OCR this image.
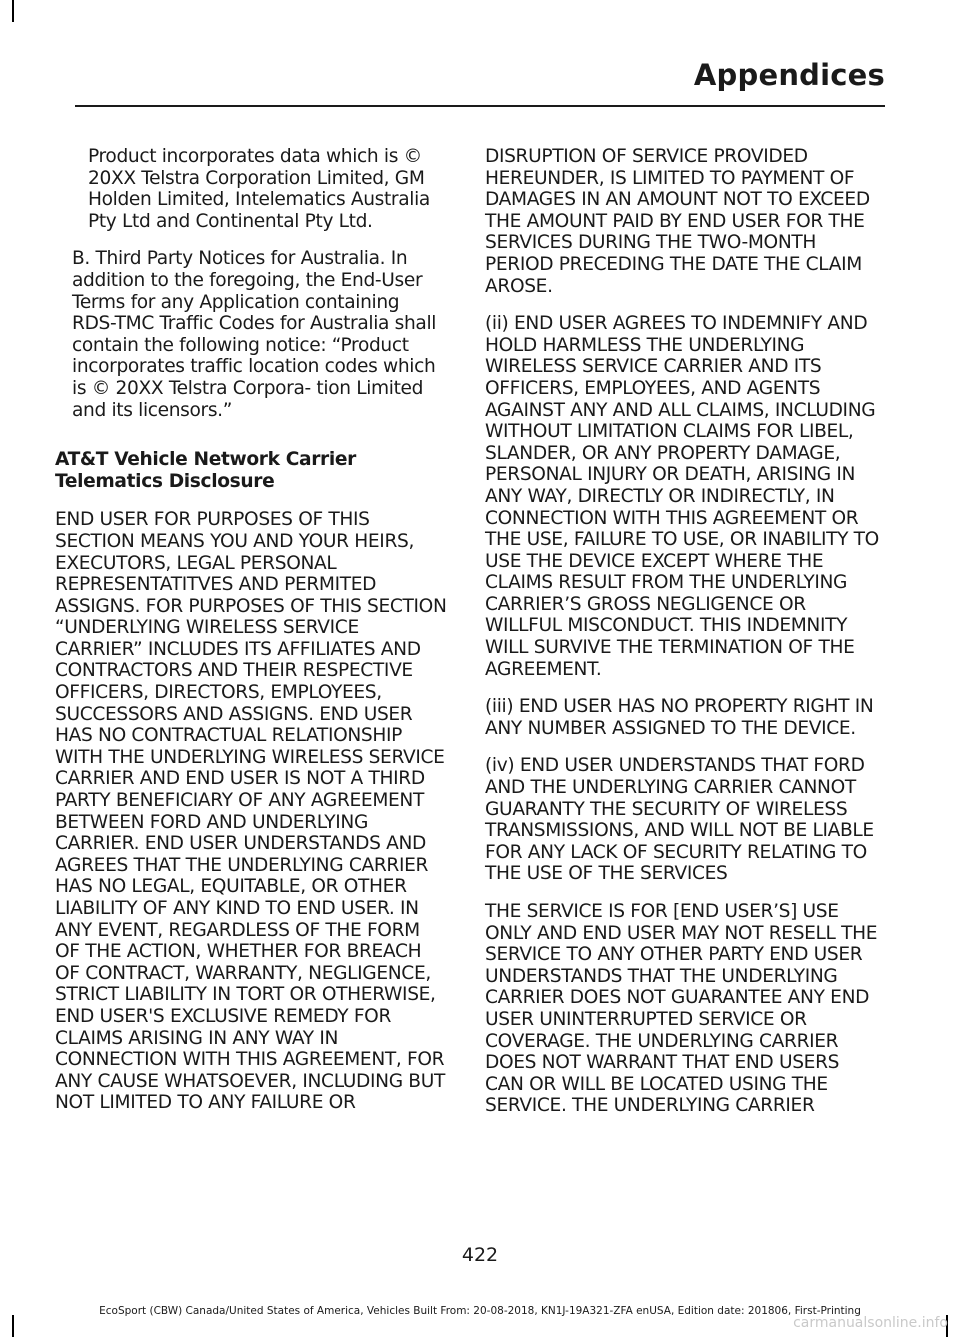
Appendices

Product incorporates data which is © 20XX Telstra Corporation Limited, GM Holden Limited, Intelematics Australia Pty Ltd and Continental Pty Ltd.

B. Third Party Notices for Australia. In addition to the foregoing, the End-User Terms for any Application containing RDS-TMC Traffic Codes for Australia shall contain the following notice: “Product incorporates traffic location codes which is © 20XX Telstra Corpora- tion Limited and its licensors.”

AT&T Vehicle Network Carrier Telematics Disclosure

END USER FOR PURPOSES OF THIS SECTION MEANS YOU AND YOUR HEIRS, EXECUTORS, LEGAL PERSONAL REPRESENTATITVES AND PERMITED ASSIGNS. FOR PURPOSES OF THIS SECTION “UNDERLYING WIRELESS SERVICE CARRIER” INCLUDES ITS AFFILIATES AND CONTRACTORS AND THEIR RESPECTIVE OFFICERS, DIRECTORS, EMPLOYEES, SUCCESSORS AND ASSIGNS. END USER HAS NO CONTRACTUAL RELATIONSHIP WITH THE UNDERLYING WIRELESS SERVICE CARRIER AND END USER IS NOT A THIRD PARTY BENEFICIARY OF ANY AGREEMENT BETWEEN FORD AND UNDERLYING CARRIER. END USER UNDERSTANDS AND AGREES THAT THE UNDERLYING CARRIER HAS NO LEGAL, EQUITABLE, OR OTHER LIABILITY OF ANY KIND TO END USER. IN ANY EVENT, REGARDLESS OF THE FORM OF THE ACTION, WHETHER FOR BREACH OF CONTRACT, WARRANTY, NEGLIGENCE, STRICT LIABILITY IN TORT OR OTHERWISE, END USER'S EXCLUSIVE REMEDY FOR CLAIMS ARISING IN ANY WAY IN CONNECTION WITH THIS AGREEMENT, FOR ANY CAUSE WHATSOEVER, INCLUDING BUT NOT LIMITED TO ANY FAILURE OR

DISRUPTION OF SERVICE PROVIDED HEREUNDER, IS LIMITED TO PAYMENT OF DAMAGES IN AN AMOUNT NOT TO EXCEED THE AMOUNT PAID BY END USER FOR THE SERVICES DURING THE TWO-MONTH PERIOD PRECEDING THE DATE THE CLAIM AROSE.

(ii) END USER AGREES TO INDEMNIFY AND HOLD HARMLESS THE UNDERLYING WIRELESS SERVICE CARRIER AND ITS OFFICERS, EMPLOYEES, AND AGENTS AGAINST ANY AND ALL CLAIMS, INCLUDING WITHOUT LIMITATION CLAIMS FOR LIBEL, SLANDER, OR ANY PROPERTY DAMAGE, PERSONAL INJURY OR DEATH, ARISING IN ANY WAY, DIRECTLY OR INDIRECTLY, IN CONNECTION WITH THIS AGREEMENT OR THE USE, FAILURE TO USE, OR INABILITY TO USE THE DEVICE EXCEPT WHERE THE CLAIMS RESULT FROM THE UNDERLYING CARRIER’S GROSS NEGLIGENCE OR WILLFUL MISCONDUCT. THIS INDEMNITY WILL SURVIVE THE TERMINATION OF THE AGREEMENT.

(iii) END USER HAS NO PROPERTY RIGHT IN ANY NUMBER ASSIGNED TO THE DEVICE.

(iv) END USER UNDERSTANDS THAT FORD AND THE UNDERLYING CARRIER CANNOT GUARANTY THE SECURITY OF WIRELESS TRANSMISSIONS, AND WILL NOT BE LIABLE FOR ANY LACK OF SECURITY RELATING TO THE USE OF THE SERVICES

THE SERVICE IS FOR [END USER’S] USE ONLY AND END USER MAY NOT RESELL THE SERVICE TO ANY OTHER PARTY END USER UNDERSTANDS THAT THE UNDERLYING CARRIER DOES NOT GUARANTEE ANY END USER UNINTERRUPTED SERVICE OR COVERAGE. THE UNDERLYING CARRIER DOES NOT WARRANT THAT END USERS CAN OR WILL BE LOCATED USING THE SERVICE. THE UNDERLYING CARRIER

422
EcoSport (CBW) Canada/United States of America, Vehicles Built From: 20-08-2018, KN1J-19A321-ZFA enUSA, Edition date: 201806, First-Printing
carmanualsonline.info
